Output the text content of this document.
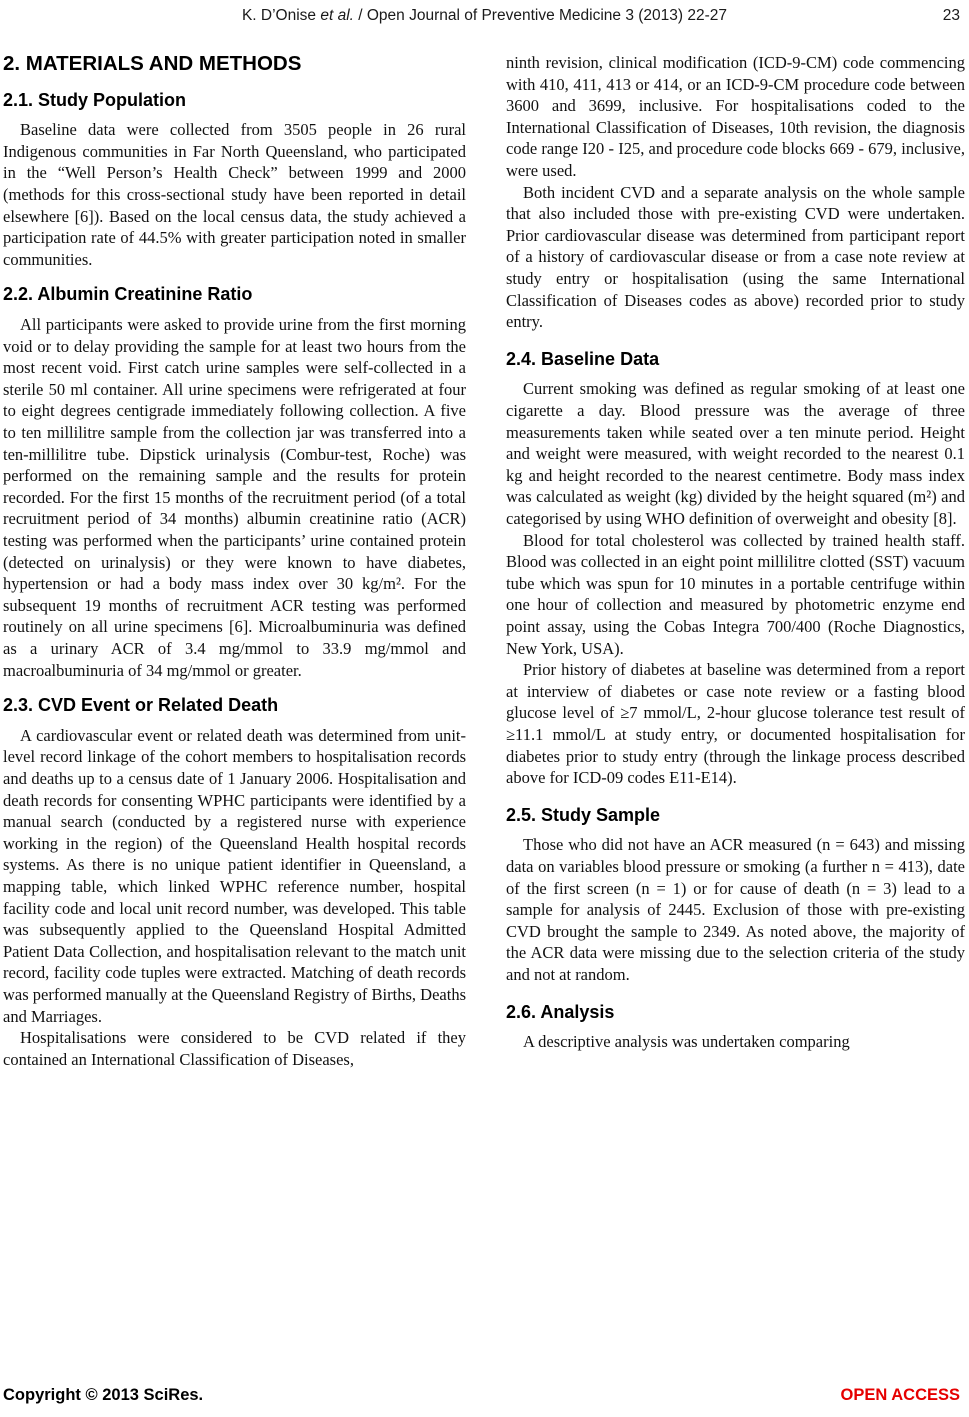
K. D’Onise et al. / Open Journal of Preventive Medicine 3 (2013) 22-27	23
2. MATERIALS AND METHODS
2.1. Study Population

Baseline data were collected from 3505 people in 26 rural Indigenous communities in Far North Queensland, who participated in the “Well Person’s Health Check” between 1999 and 2000 (methods for this cross-sectional study have been reported in detail elsewhere [6]). Based on the local census data, the study achieved a participation rate of 44.5% with greater participation noted in smaller communities.

2.2. Albumin Creatinine Ratio

All participants were asked to provide urine from the first morning void or to delay providing the sample for at least two hours from the most recent void. First catch urine samples were self-collected in a sterile 50 ml container. All urine specimens were refrigerated at four to eight degrees centigrade immediately following collection. A five to ten millilitre sample from the collection jar was transferred into a ten-millilitre tube. Dipstick urinalysis (Combur-test, Roche) was performed on the remaining sample and the results for protein recorded. For the first 15 months of the recruitment period (of a total recruitment period of 34 months) albumin creatinine ratio (ACR) testing was performed when the participants’ urine contained protein (detected on urinalysis) or they were known to have diabetes, hypertension or had a body mass index over 30 kg/m². For the subsequent 19 months of recruitment ACR testing was performed routinely on all urine specimens [6]. Microalbuminuria was defined as a urinary ACR of 3.4 mg/mmol to 33.9 mg/mmol and macroalbuminuria of 34 mg/mmol or greater.

2.3. CVD Event or Related Death

A cardiovascular event or related death was determined from unit-level record linkage of the cohort members to hospitalisation records and deaths up to a census date of 1 January 2006. Hospitalisation and death records for consenting WPHC participants were identified by a manual search (conducted by a registered nurse with experience working in the region) of the Queensland Health hospital records systems. As there is no unique patient identifier in Queensland, a mapping table, which linked WPHC reference number, hospital facility code and local unit record number, was developed. This table was subsequently applied to the Queensland Hospital Admitted Patient Data Collection, and hospitalisation relevant to the match unit record, facility code tuples were extracted. Matching of death records was performed manually at the Queensland Registry of Births, Deaths and Marriages.

Hospitalisations were considered to be CVD related if they contained an International Classification of Diseases,

ninth revision, clinical modification (ICD-9-CM) code commencing with 410, 411, 413 or 414, or an ICD-9-CM procedure code between 3600 and 3699, inclusive. For hospitalisations coded to the International Classification of Diseases, 10th revision, the diagnosis code range I20 - I25, and procedure code blocks 669 - 679, inclusive, were used.

Both incident CVD and a separate analysis on the whole sample that also included those with pre-existing CVD were undertaken. Prior cardiovascular disease was determined from participant report of a history of cardiovascular disease or from a case note review at study entry or hospitalisation (using the same International Classification of Diseases codes as above) recorded prior to study entry.

2.4. Baseline Data

Current smoking was defined as regular smoking of at least one cigarette a day. Blood pressure was the average of three measurements taken while seated over a ten minute period. Height and weight were measured, with weight recorded to the nearest 0.1 kg and height recorded to the nearest centimetre. Body mass index was calculated as weight (kg) divided by the height squared (m²) and categorised by using WHO definition of overweight and obesity [8].

Blood for total cholesterol was collected by trained health staff. Blood was collected in an eight point millilitre clotted (SST) vacuum tube which was spun for 10 minutes in a portable centrifuge within one hour of collection and measured by photometric enzyme end point assay, using the Cobas Integra 700/400 (Roche Diagnostics, New York, USA).

Prior history of diabetes at baseline was determined from a report at interview of diabetes or case note review or a fasting blood glucose level of ≥7 mmol/L, 2-hour glucose tolerance test result of ≥11.1 mmol/L at study entry, or documented hospitalisation for diabetes prior to study entry (through the linkage process described above for ICD-09 codes E11-E14).

2.5. Study Sample

Those who did not have an ACR measured (n = 643) and missing data on variables blood pressure or smoking (a further n = 413), date of the first screen (n = 1) or for cause of death (n = 3) lead to a sample for analysis of 2445. Exclusion of those with pre-existing CVD brought the sample to 2349. As noted above, the majority of the ACR data were missing due to the selection criteria of the study and not at random.

2.6. Analysis

A descriptive analysis was undertaken comparing

Copyright © 2013 SciRes.	OPEN ACCESS
